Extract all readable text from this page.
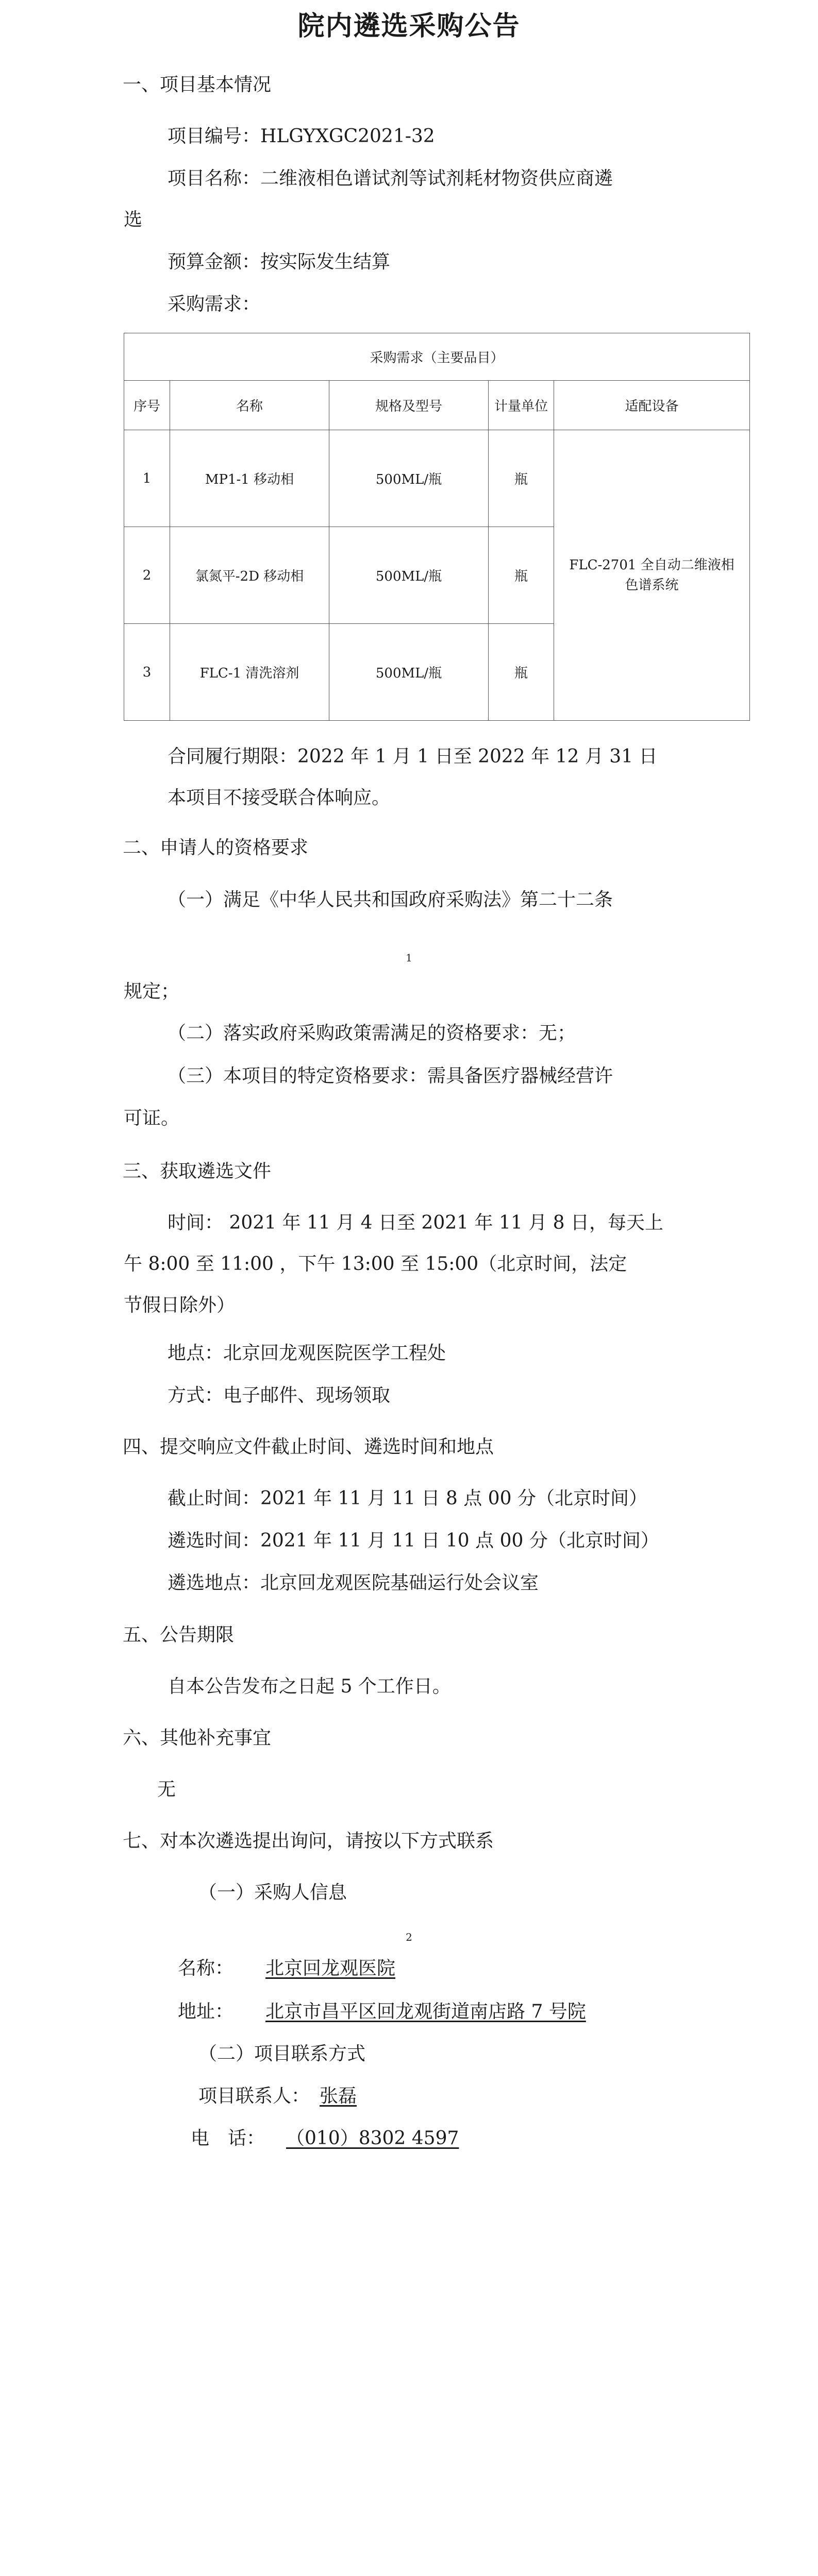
院内遴选采购公告
一、项目基本情况
项目编号：HLGYXGC2021-32
项目名称：二维液相色谱试剂等试剂耗材物资供应商遴
选
预算金额：按实际发生结算
采购需求：
采购需求（主要品目）				
序号	名称	规格及型号	计量单位	适配设备
1	MP1-1 移动相	500ML/瓶	瓶	FLC-2701 全自动二维液相色谱系统
2	氯氮平-2D 移动相	500ML/瓶	瓶	
3	FLC-1 清洗溶剂	500ML/瓶	瓶	
合同履行期限：2022 年 1 月 1 日至 2022 年 12 月 31 日
本项目不接受联合体响应。
二、申请人的资格要求
（一）满足《中华人民共和国政府采购法》第二十二条
1
规定；
（二）落实政府采购政策需满足的资格要求：无；
（三）本项目的特定资格要求：需具备医疗器械经营许
可证。
三、获取遴选文件
时间： 2021 年 11 月 4 日至 2021 年 11 月 8 日，每天上
午 8:00 至 11:00 ，下午 13:00 至 15:00（北京时间，法定
节假日除外）
地点：北京回龙观医院医学工程处
方式：电子邮件、现场领取
四、提交响应文件截止时间、遴选时间和地点
截止时间：2021 年 11 月 11 日 8 点 00 分（北京时间）
遴选时间：2021 年 11 月 11 日 10 点 00 分（北京时间）
遴选地点：北京回龙观医院基础运行处会议室
五、公告期限
自本公告发布之日起 5 个工作日。
六、其他补充事宜
无
七、对本次遴选提出询问，请按以下方式联系
（一）采购人信息
2
名称：	北京回龙观医院
地址：	北京市昌平区回龙观街道南店路 7 号院
（二）项目联系方式
项目联系人： 张磊
电　话：	（010）8302 4597
